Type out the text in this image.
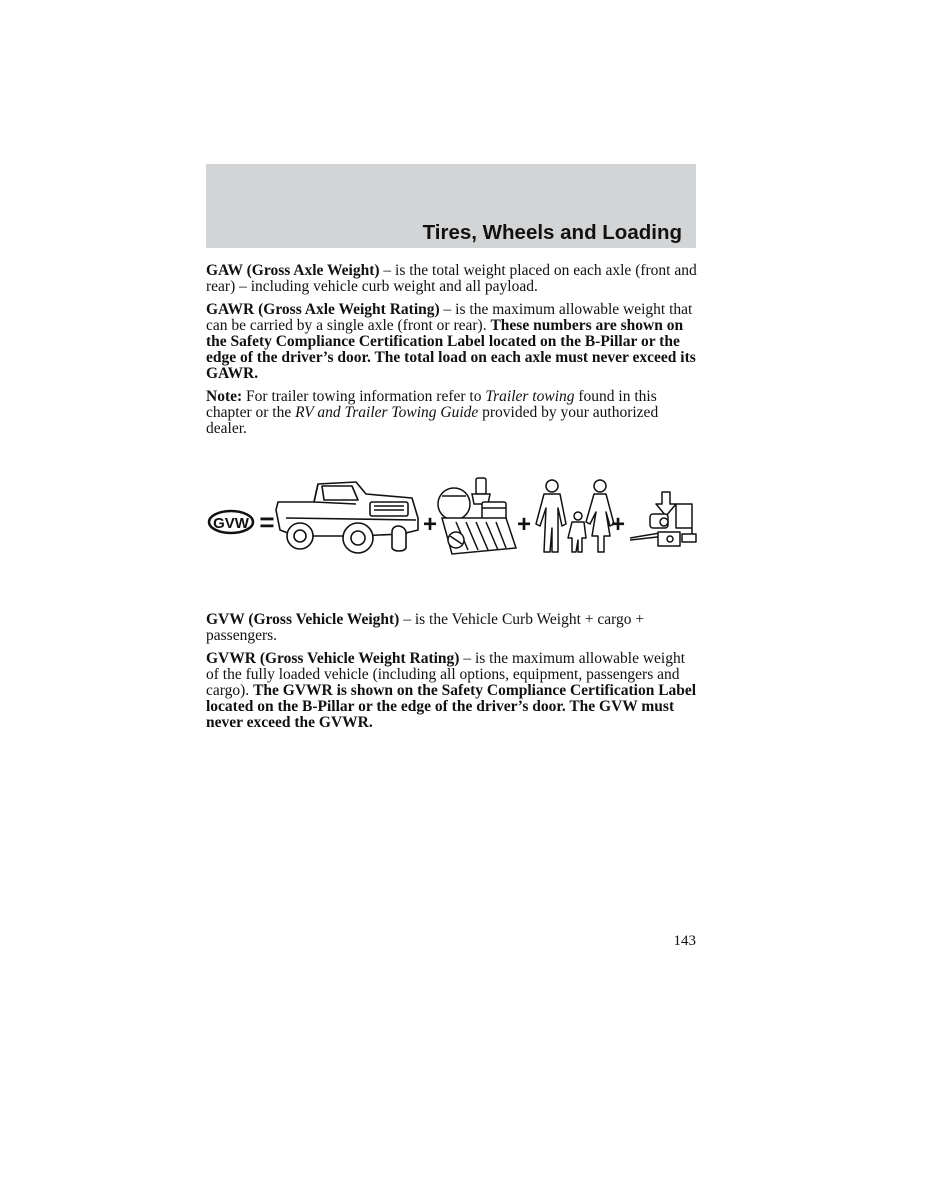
Tires, Wheels and Loading

GAW (Gross Axle Weight) – is the total weight placed on each axle (front and rear) – including vehicle curb weight and all payload.

GAWR (Gross Axle Weight Rating) – is the maximum allowable weight that can be carried by a single axle (front or rear). These numbers are shown on the Safety Compliance Certification Label located on the B-Pillar or the edge of the driver’s door. The total load on each axle must never exceed its GAWR.

Note: For trailer towing information refer to Trailer towing found in this chapter or the RV and Trailer Towing Guide provided by your authorized dealer.

GVW =	+	+	+

GVW (Gross Vehicle Weight) – is the Vehicle Curb Weight + cargo + passengers.

GVWR (Gross Vehicle Weight Rating) – is the maximum allowable weight of the fully loaded vehicle (including all options, equipment, passengers and cargo). The GVWR is shown on the Safety Compliance Certification Label located on the B-Pillar or the edge of the driver’s door. The GVW must never exceed the GVWR.

143
